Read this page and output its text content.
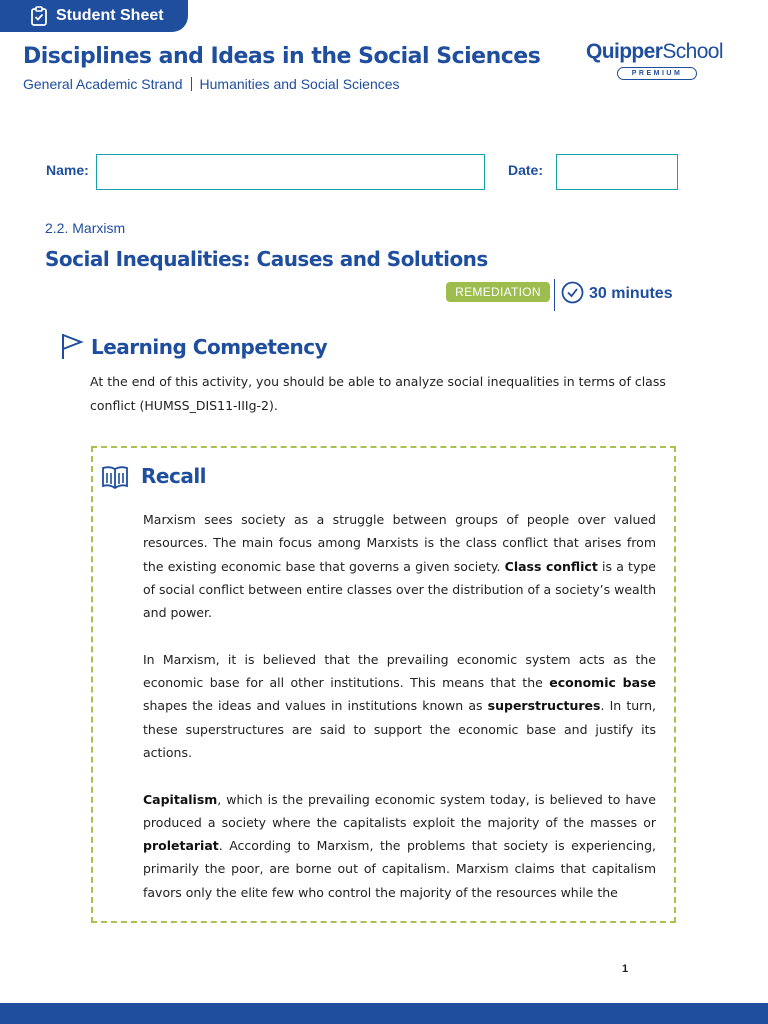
Student Sheet
Disciplines and Ideas in the Social Sciences
General Academic Strand Humanities and Social Sciences
QuipperSchool
PREMIUM
Name:	Date:
2.2. Marxism
Social Inequalities: Causes and Solutions
REMEDIATION	30 minutes
Learning Competency
At the end of this activity, you should be able to analyze social inequalities in terms of class conflict (HUMSS_DIS11-IIIg-2).
Recall

Marxism sees society as a struggle between groups of people over valued resources. The main focus among Marxists is the class conflict that arises from the existing economic base that governs a given society. Class conflict is a type of social conflict between entire classes over the distribution of a society’s wealth and power.

In Marxism, it is believed that the prevailing economic system acts as the economic base for all other institutions. This means that the economic base shapes the ideas and values in institutions known as superstructures. In turn, these superstructures are said to support the economic base and justify its actions.

Capitalism, which is the prevailing economic system today, is believed to have produced a society where the capitalists exploit the majority of the masses or proletariat. According to Marxism, the problems that society is experiencing, primarily the poor, are borne out of capitalism. Marxism claims that capitalism favors only the elite few who control the majority of the resources while the

1
